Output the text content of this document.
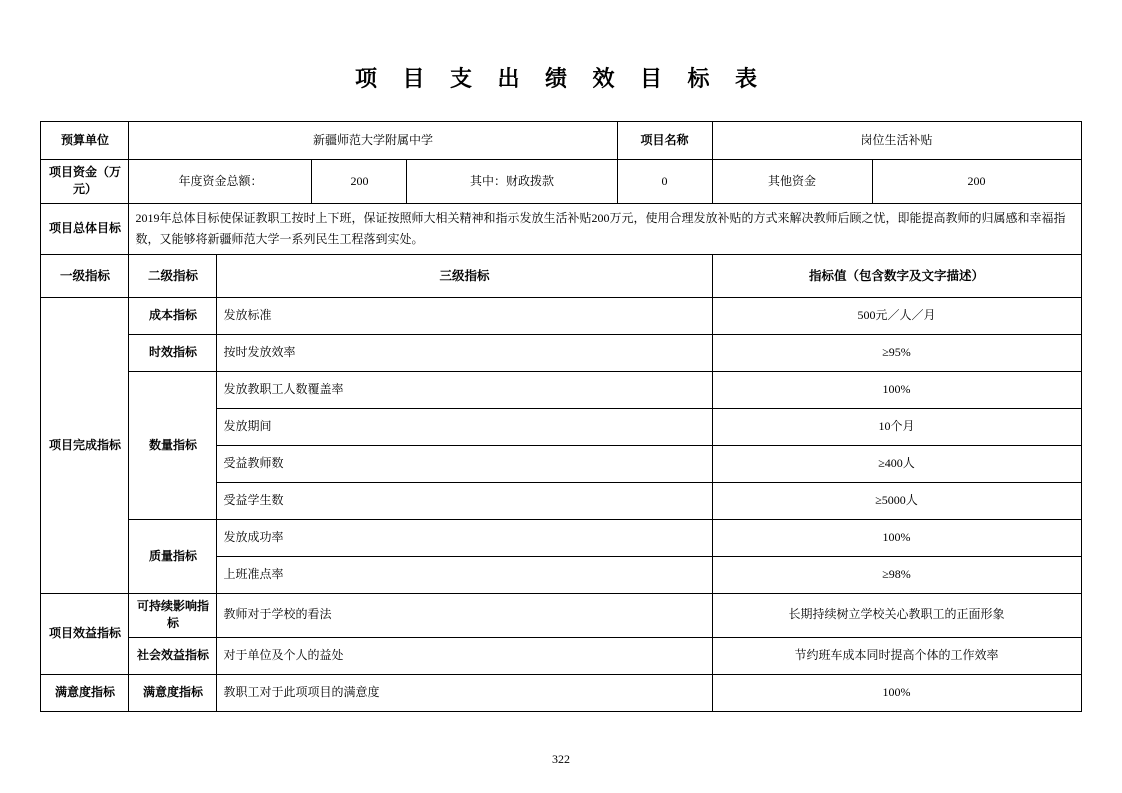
项 目 支 出 绩 效 目 标 表
预算单位	新疆师范大学附属中学				项目名称	岗位生活补贴	
项目资金（万元）	年度资金总额：		200	其中：财政拨款	0	其他资金	200
项目总体目标	2019年总体目标使保证教职工按时上下班，保证按照师大相关精神和指示发放生活补贴200万元，使用合理发放补贴的方式来解决教师后顾之忧，即能提高教师的归属感和幸福指数，又能够将新疆师范大学一系列民生工程落到实处。						
一级指标	二级指标	三级指标				指标值（包含数字及文字描述）	
项目完成指标	成本指标	发放标准				500元／人／月	
	时效指标	按时发放效率				≥95%	
	数量指标	发放教职工人数覆盖率				100%	
		发放期间				10个月	
		受益教师数				≥400人	
		受益学生数				≥5000人	
	质量指标	发放成功率				100%	
		上班准点率				≥98%	
项目效益指标	可持续影响指标	教师对于学校的看法				长期持续树立学校关心教职工的正面形象	
	社会效益指标	对于单位及个人的益处				节约班车成本同时提高个体的工作效率	
满意度指标	满意度指标	教职工对于此项项目的满意度				100%	
322
